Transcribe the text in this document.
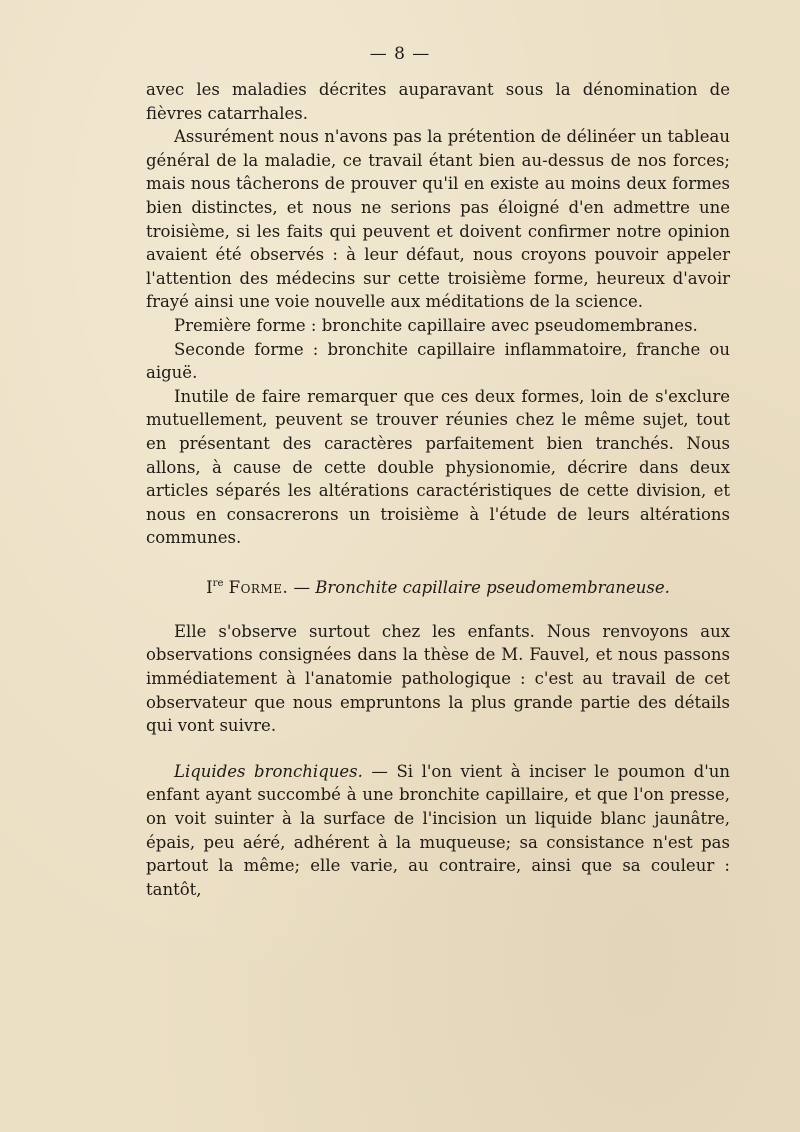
— 8 —

avec les maladies décrites auparavant sous la dénomination de fièvres catarrhales.

Assurément nous n'avons pas la prétention de délinéer un tableau général de la maladie, ce travail étant bien au-dessus de nos forces; mais nous tâcherons de prouver qu'il en existe au moins deux formes bien distinctes, et nous ne serions pas éloigné d'en admettre une troisième, si les faits qui peuvent et doivent confirmer notre opinion avaient été observés : à leur défaut, nous croyons pouvoir appeler l'attention des médecins sur cette troisième forme, heureux d'avoir frayé ainsi une voie nouvelle aux méditations de la science.

Première forme : bronchite capillaire avec pseudomembranes.

Seconde forme : bronchite capillaire inflammatoire, franche ou aiguë.

Inutile de faire remarquer que ces deux formes, loin de s'exclure mutuellement, peuvent se trouver réunies chez le même sujet, tout en présentant des caractères parfaitement bien tranchés. Nous allons, à cause de cette double physionomie, décrire dans deux articles séparés les altérations caractéristiques de cette division, et nous en consacrerons un troisième à l'étude de leurs altérations communes.

Ire Forme. — Bronchite capillaire pseudomembraneuse.

Elle s'observe surtout chez les enfants. Nous renvoyons aux observations consignées dans la thèse de M. Fauvel, et nous passons immédiatement à l'anatomie pathologique : c'est au travail de cet observateur que nous empruntons la plus grande partie des détails qui vont suivre.

Liquides bronchiques. — Si l'on vient à inciser le poumon d'un enfant ayant succombé à une bronchite capillaire, et que l'on presse, on voit suinter à la surface de l'incision un liquide blanc jaunâtre, épais, peu aéré, adhérent à la muqueuse; sa consistance n'est pas partout la même; elle varie, au contraire, ainsi que sa couleur : tantôt,
